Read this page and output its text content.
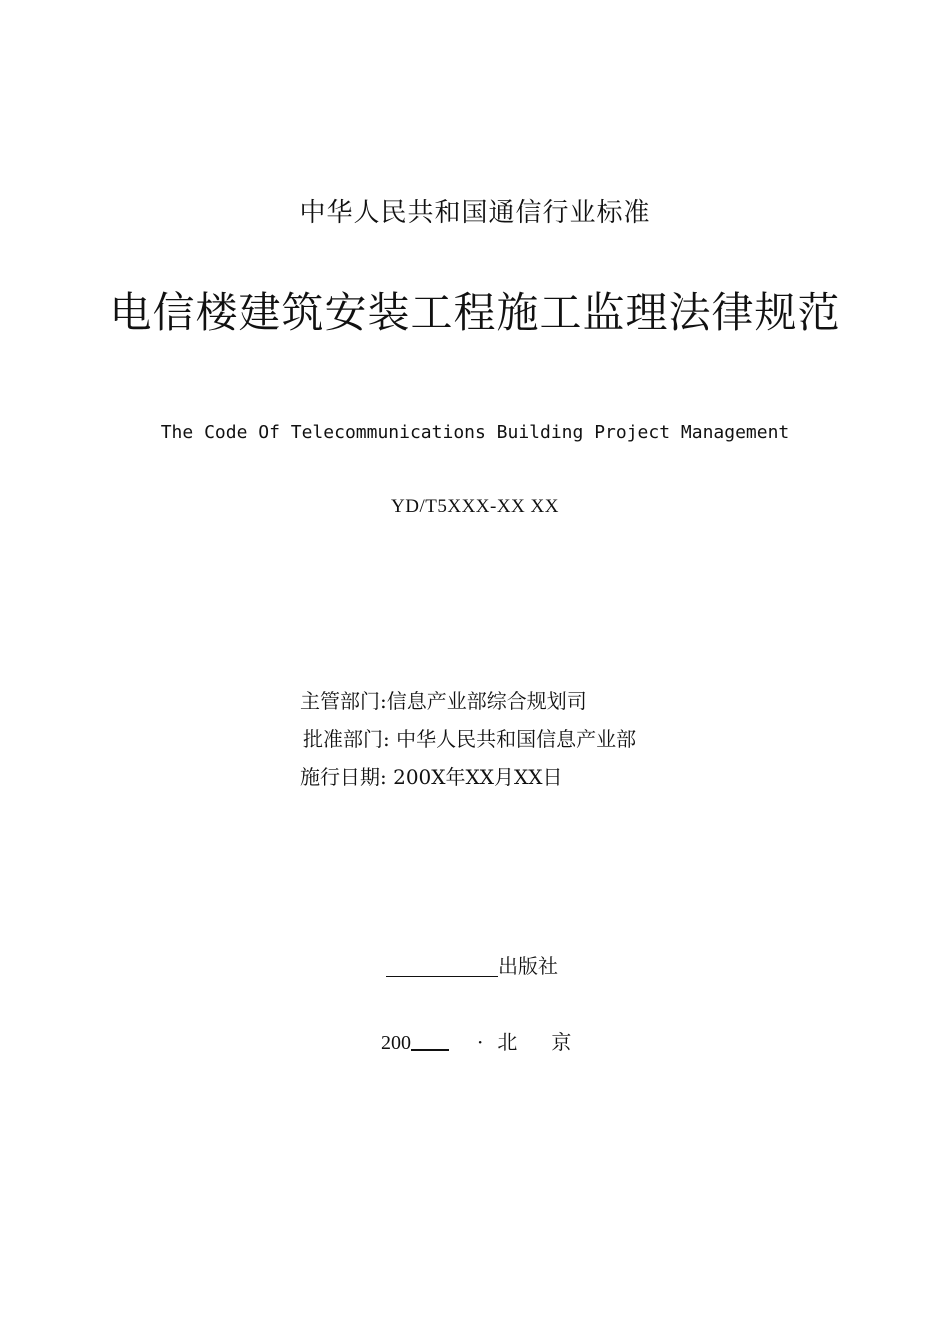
中华人民共和国通信行业标准
电信楼建筑安装工程施工监理法律规范
The Code Of Telecommunications Building Project Management
YD/T5XXX-XX XX
主管部门:信息产业部综合规划司
批准部门: 中华人民共和国信息产业部
施行日期: 200X年XX月XX日
出版社
200	· 北 京
